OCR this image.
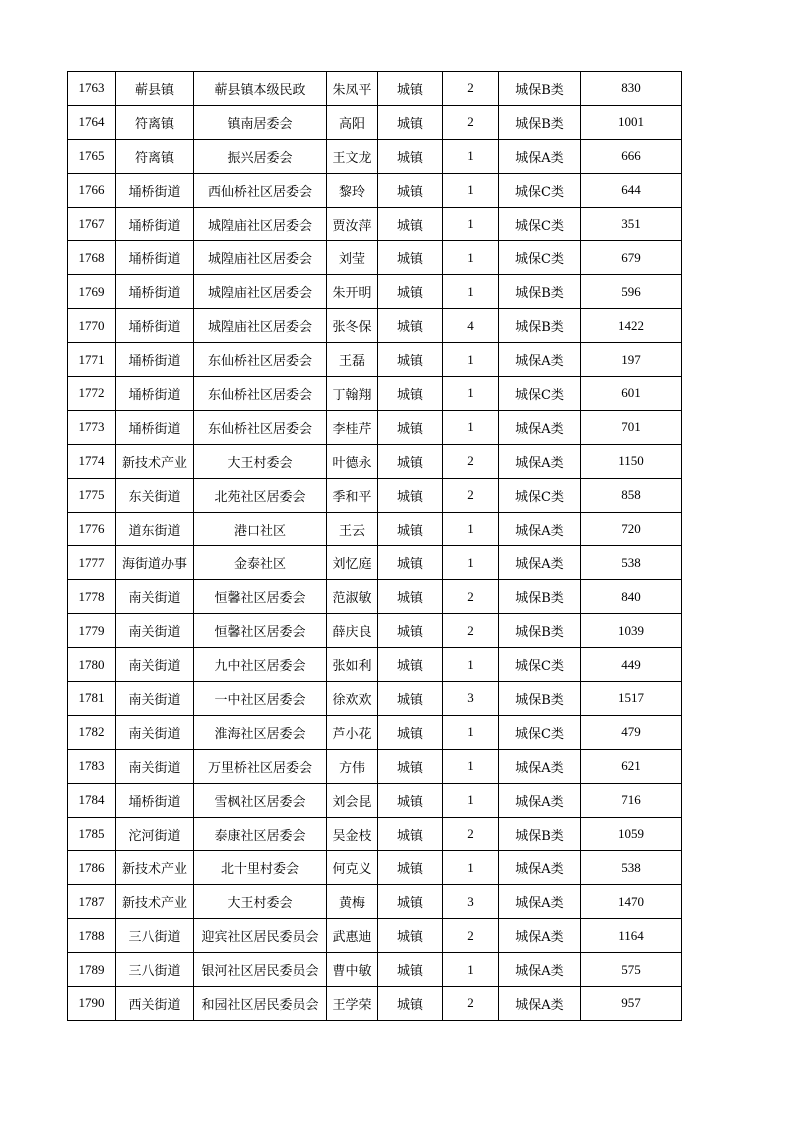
1763	蕲县镇	蕲县镇本级民政	朱凤平	城镇	2	城保B类	830
1764	符离镇	镇南居委会	高阳	城镇	2	城保B类	1001
1765	符离镇	振兴居委会	王文龙	城镇	1	城保A类	666
1766	埇桥街道	西仙桥社区居委会	黎玲	城镇	1	城保C类	644
1767	埇桥街道	城隍庙社区居委会	贾汝萍	城镇	1	城保C类	351
1768	埇桥街道	城隍庙社区居委会	刘莹	城镇	1	城保C类	679
1769	埇桥街道	城隍庙社区居委会	朱开明	城镇	1	城保B类	596
1770	埇桥街道	城隍庙社区居委会	张冬保	城镇	4	城保B类	1422
1771	埇桥街道	东仙桥社区居委会	王磊	城镇	1	城保A类	197
1772	埇桥街道	东仙桥社区居委会	丁翰翔	城镇	1	城保C类	601
1773	埇桥街道	东仙桥社区居委会	李桂芹	城镇	1	城保A类	701
1774	新技术产业	大王村委会	叶德永	城镇	2	城保A类	1150
1775	东关街道	北苑社区居委会	季和平	城镇	2	城保C类	858
1776	道东街道	港口社区	王云	城镇	1	城保A类	720
1777	海街道办事	金泰社区	刘忆庭	城镇	1	城保A类	538
1778	南关街道	恒馨社区居委会	范淑敏	城镇	2	城保B类	840
1779	南关街道	恒馨社区居委会	薛庆良	城镇	2	城保B类	1039
1780	南关街道	九中社区居委会	张如利	城镇	1	城保C类	449
1781	南关街道	一中社区居委会	徐欢欢	城镇	3	城保B类	1517
1782	南关街道	淮海社区居委会	芦小花	城镇	1	城保C类	479
1783	南关街道	万里桥社区居委会	方伟	城镇	1	城保A类	621
1784	埇桥街道	雪枫社区居委会	刘会昆	城镇	1	城保A类	716
1785	沱河街道	泰康社区居委会	吴金枝	城镇	2	城保B类	1059
1786	新技术产业	北十里村委会	何克义	城镇	1	城保A类	538
1787	新技术产业	大王村委会	黄梅	城镇	3	城保A类	1470
1788	三八街道	迎宾社区居民委员会	武惠迪	城镇	2	城保A类	1164
1789	三八街道	银河社区居民委员会	曹中敏	城镇	1	城保A类	575
1790	西关街道	和园社区居民委员会	王学荣	城镇	2	城保A类	957
